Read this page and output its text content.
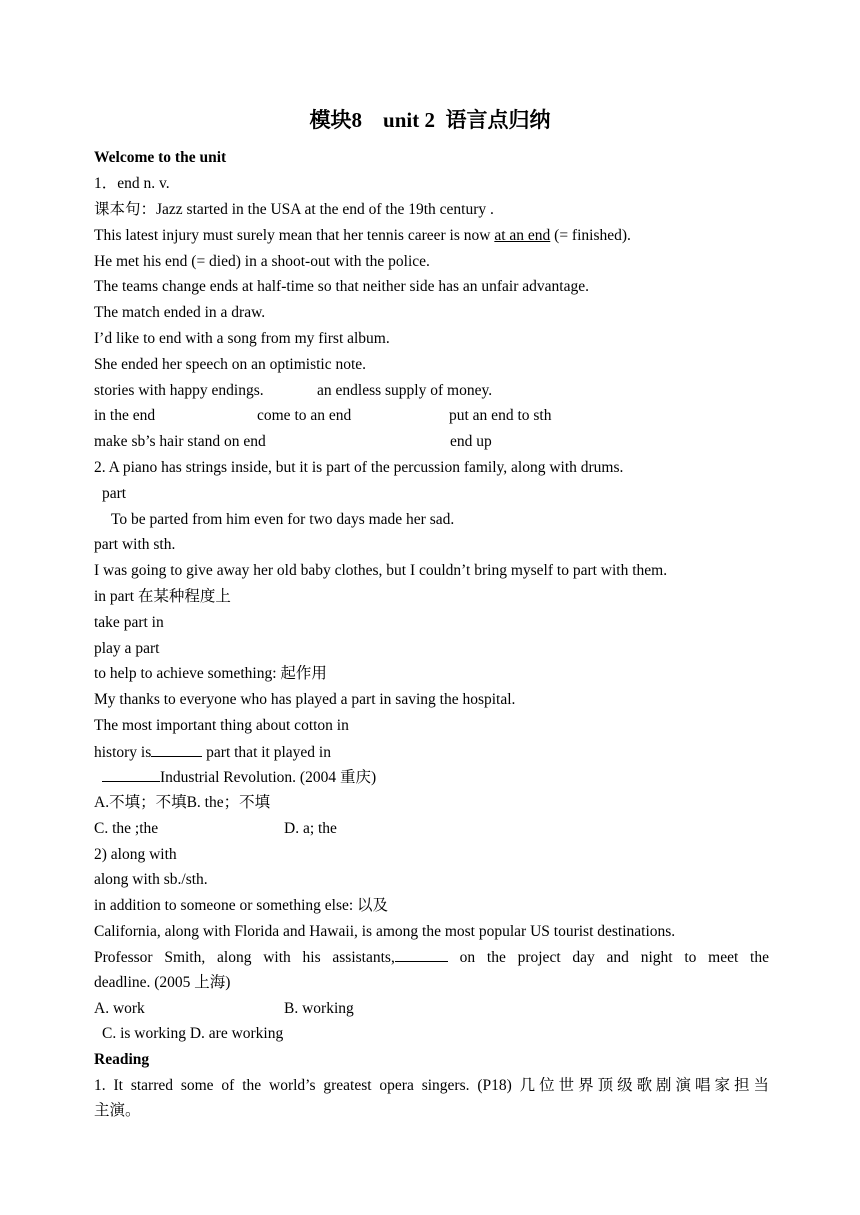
模块8    unit 2  语言点归纳
Welcome to the unit
1．end n. v.
课本句：Jazz started in the USA at the end of the 19th century .
This latest injury must surely mean that her tennis career is now at an end (= finished).
He met his end (= died) in a shoot-out with the police.
The teams change ends at half-time so that neither side has an unfair advantage.
The match ended in a draw.
I’d like to end with a song from my first album.
She ended her speech on an optimistic note.
stories with happy endings.	an endless supply of money.
in the end	come to an end	put an end to sth
make sb’s hair stand on end	end up
2. A piano has strings inside, but it is part of the percussion family, along with drums.
part
To be parted from him even for two days made her sad.
part with sth.
I was going to give away her old baby clothes, but I couldn’t bring myself to part with them.
in part 在某种程度上
take part in
play a part
to help to achieve something: 起作用
My thanks to everyone who has played a part in saving the hospital.
The most important thing about cotton in
history is	part that it played in
Industrial Revolution. (2004 重庆)
A.不填；不填B. the；不填
C. the ;the	D. a; the
2) along with
along with sb./sth.
in addition to someone or something else: 以及
California, along with Florida and Hawaii, is among the most popular US tourist destinations.
Professor Smith, along with his assistants,	on the project day and night to meet the
deadline. (2005 上海)
A. work	B. working
C. is working D. are working
Reading
1. It starred some of the world’s greatest opera singers. (P18) 几位世界顶级歌剧演唱家担当
主演。
